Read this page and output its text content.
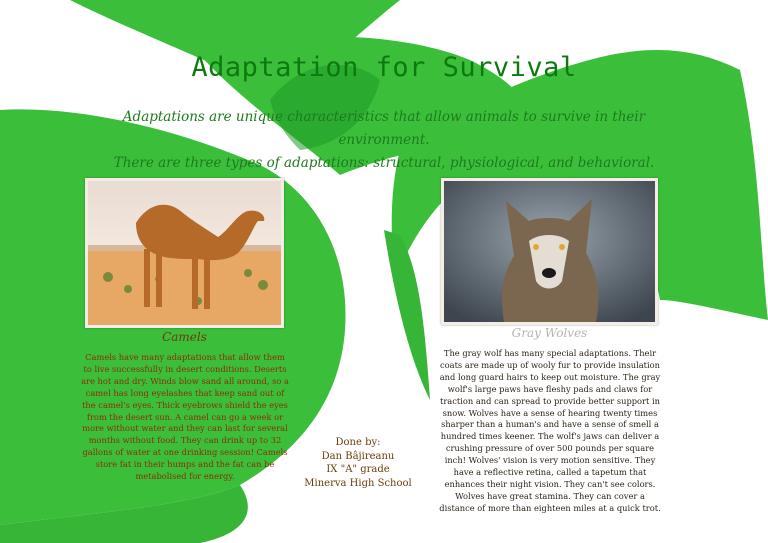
Adaptation for Survival
Adaptations are unique characteristics that allow animals to survive in their environment.
There are three types of adaptations: structural, physiological, and behavioral.
Camels
Camels have many adaptations that allow them to live successfully in desert conditions. Deserts are hot and dry. Winds blow sand all around, so a camel has long eyelashes that keep sand out of the camel's eyes. Thick eyebrows shield the eyes from the desert sun. A camel can go a week or more without water and they can last for several months without food. They can drink up to 32 gallons of water at one drinking session! Camels store fat in their humps and the fat can be metabolised for energy.
Gray Wolves
The gray wolf has many special adaptations. Their coats are made up of wooly fur to provide insulation and long guard hairs to keep out moisture. The gray wolf's large paws have fleshy pads and claws for traction and can spread to provide better support in snow. Wolves have a sense of hearing twenty times sharper than a human's and have a sense of smell a hundred times keener. The wolf's jaws can deliver a crushing pressure of over 500 pounds per square inch! Wolves' vision is very motion sensitive. They have a reflective retina, called a tapetum that enhances their night vision. They can't see colors. Wolves have great stamina. They can cover a distance of more than eighteen miles at a quick trot.
Done by:
Dan Bâjireanu
IX "A" grade
Minerva High School
